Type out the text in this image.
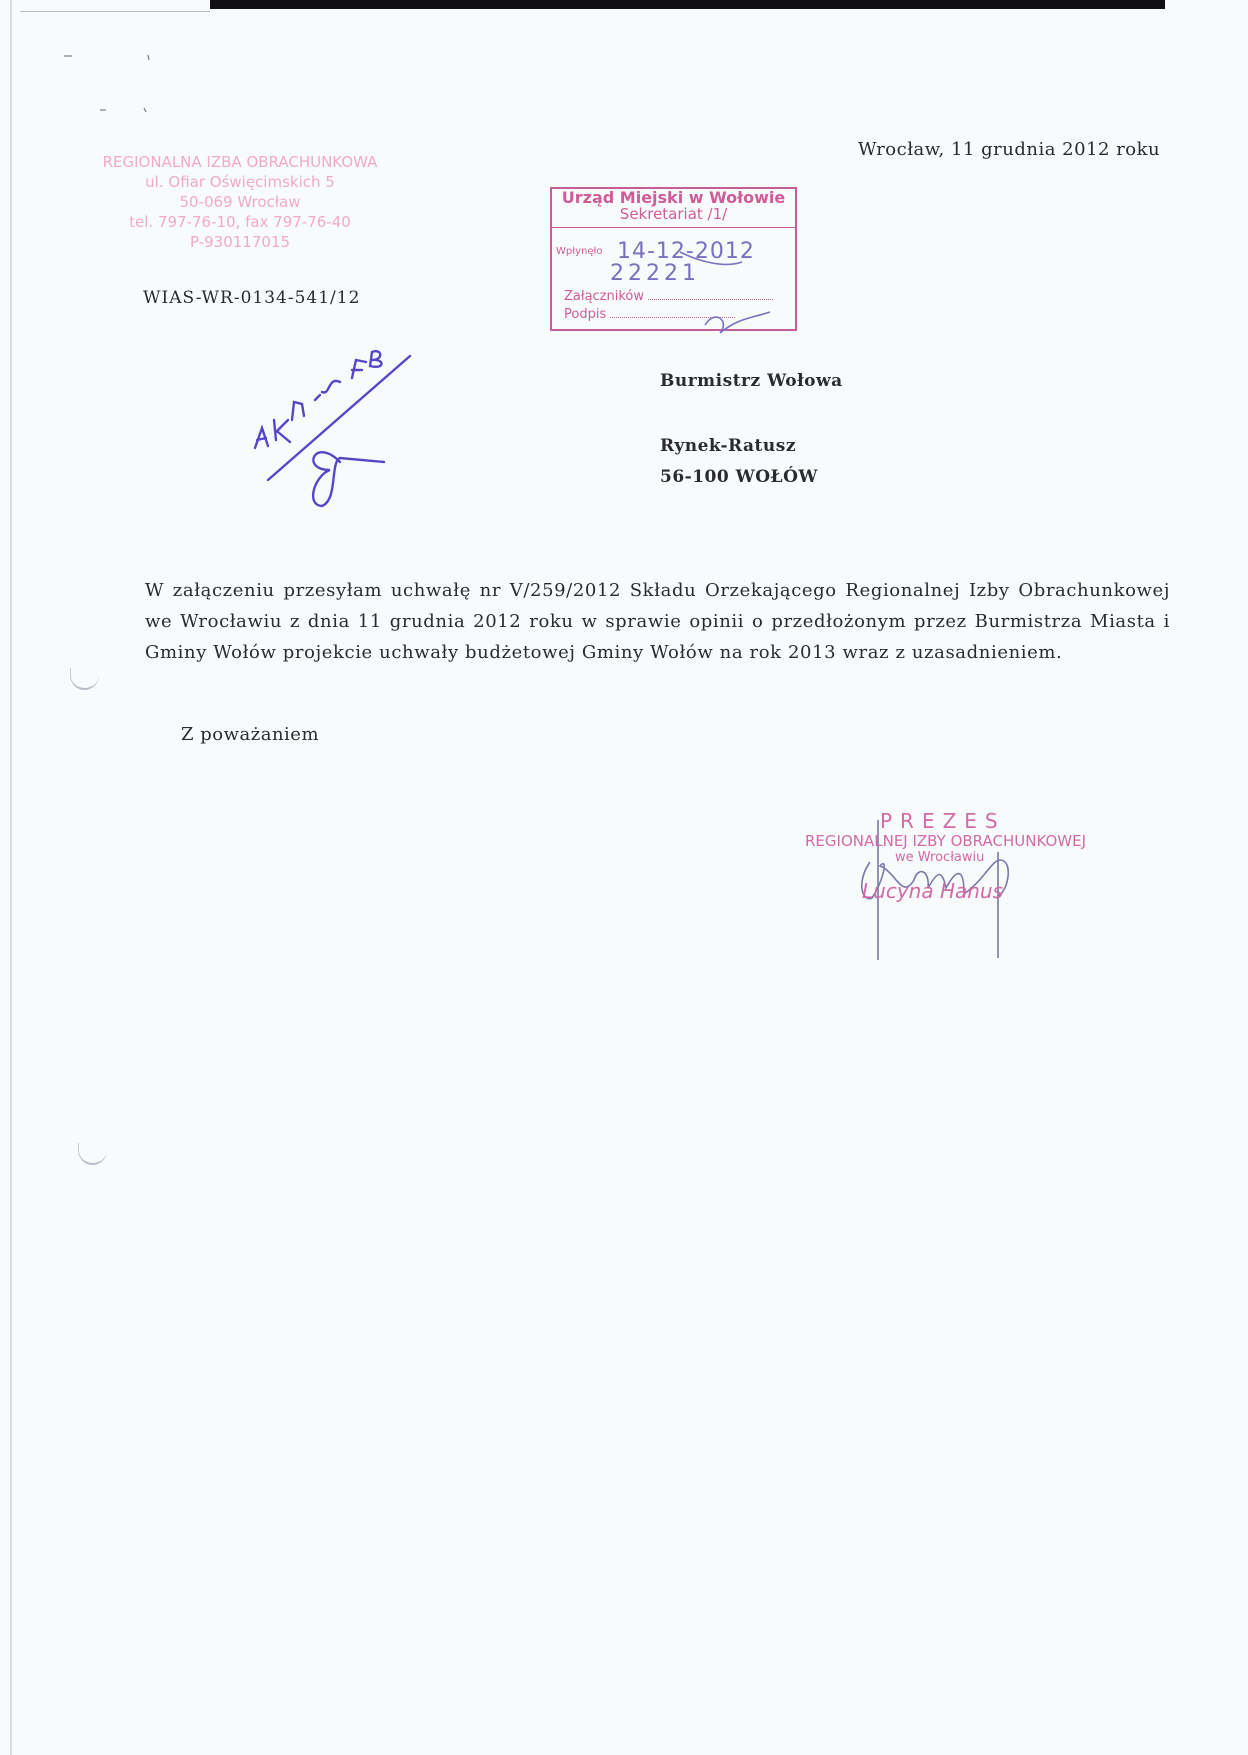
REGIONALNA IZBA OBRACHUNKOWA
ul. Ofiar Oświęcimskich 5
50-069 Wrocław
tel. 797-76-10, fax 797-76-40
P-930117015
WIAS-WR-0134-541/12
Wrocław, 11 grudnia 2012 roku
Urząd Miejski w Wołowie
Sekretariat /1/
Wpłynęło 14-12-2012
22221
Załączników
Podpis
Burmistrz Wołowa
Rynek-Ratusz
56-100 WOŁÓW
W załączeniu przesyłam uchwałę nr V/259/2012 Składu Orzekającego Regionalnej Izby Obrachunkowej we Wrocławiu z dnia 11 grudnia 2012 roku w sprawie opinii o przedłożonym przez Burmistrza Miasta i Gminy Wołów projekcie uchwały budżetowej Gminy Wołów na rok 2013 wraz z uzasadnieniem.
Z poważaniem
PREZES
REGIONALNEJ IZBY OBRACHUNKOWEJ
we Wrocławiu
Lucyna Hanus
